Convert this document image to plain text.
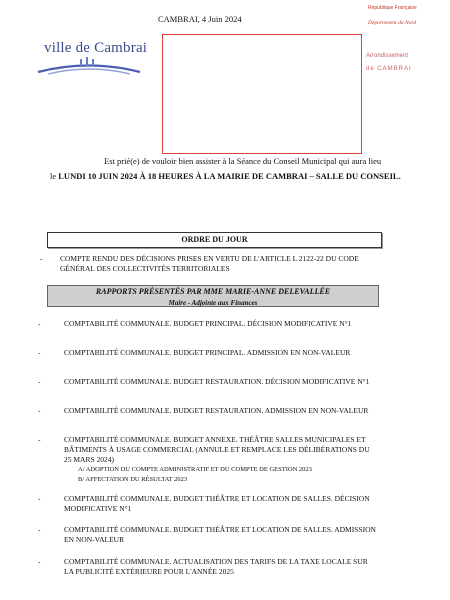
ville de Cambrai
CAMBRAI, 4 Juin 2024
République Française
Département du Nord
Arrondissement
de CAMBRAI
Est prié(e) de vouloir bien assister à la Séance du Conseil Municipal qui aura lieu
le LUNDI 10 JUIN 2024 À 18 HEURES À LA MAIRIE DE CAMBRAI – SALLE DU CONSEIL.
ORDRE DU JOUR
-	COMPTE RENDU DES DÉCISIONS PRISES EN VERTU DE L'ARTICLE L 2122-22 DU CODE GÉNÉRAL DES COLLECTIVITÉS TERRITORIALES
RAPPORTS PRÉSENTÉS PAR MME MARIE-ANNE DELEVALLÉE
Maire - Adjointe aux Finances
-	COMPTABILITÉ COMMUNALE. BUDGET PRINCIPAL. DÉCISION MODIFICATIVE N°1
-	COMPTABILITÉ COMMUNALE. BUDGET PRINCIPAL. ADMISSION EN NON-VALEUR
-	COMPTABILITÉ COMMUNALE. BUDGET RESTAURATION. DÉCISION MODIFICATIVE N°1
-	COMPTABILITÉ COMMUNALE. BUDGET RESTAURATION. ADMISSION EN NON-VALEUR
-	COMPTABILITÉ COMMUNALE. BUDGET ANNEXE. THÉÂTRE SALLES MUNICIPALES ET BÂTIMENTS À USAGE COMMERCIAL (ANNULE ET REMPLACE LES DÉLIBÉRATIONS DU 25 MARS 2024)
A/ ADOPTION DU COMPTE ADMINISTRATIF ET DU COMPTE DE GESTION 2023
B/ AFFECTATION DU RÉSULTAT 2023
-	COMPTABILITÉ COMMUNALE. BUDGET THÉÂTRE ET LOCATION DE SALLES. DÉCISION MODIFICATIVE N°1
-	COMPTABILITÉ COMMUNALE. BUDGET THÉÂTRE ET LOCATION DE SALLES. ADMISSION EN NON-VALEUR
-	COMPTABILITÉ COMMUNALE. ACTUALISATION DES TARIFS DE LA TAXE LOCALE SUR LA PUBLICITÉ EXTÉRIEURE POUR L'ANNÉE 2025
